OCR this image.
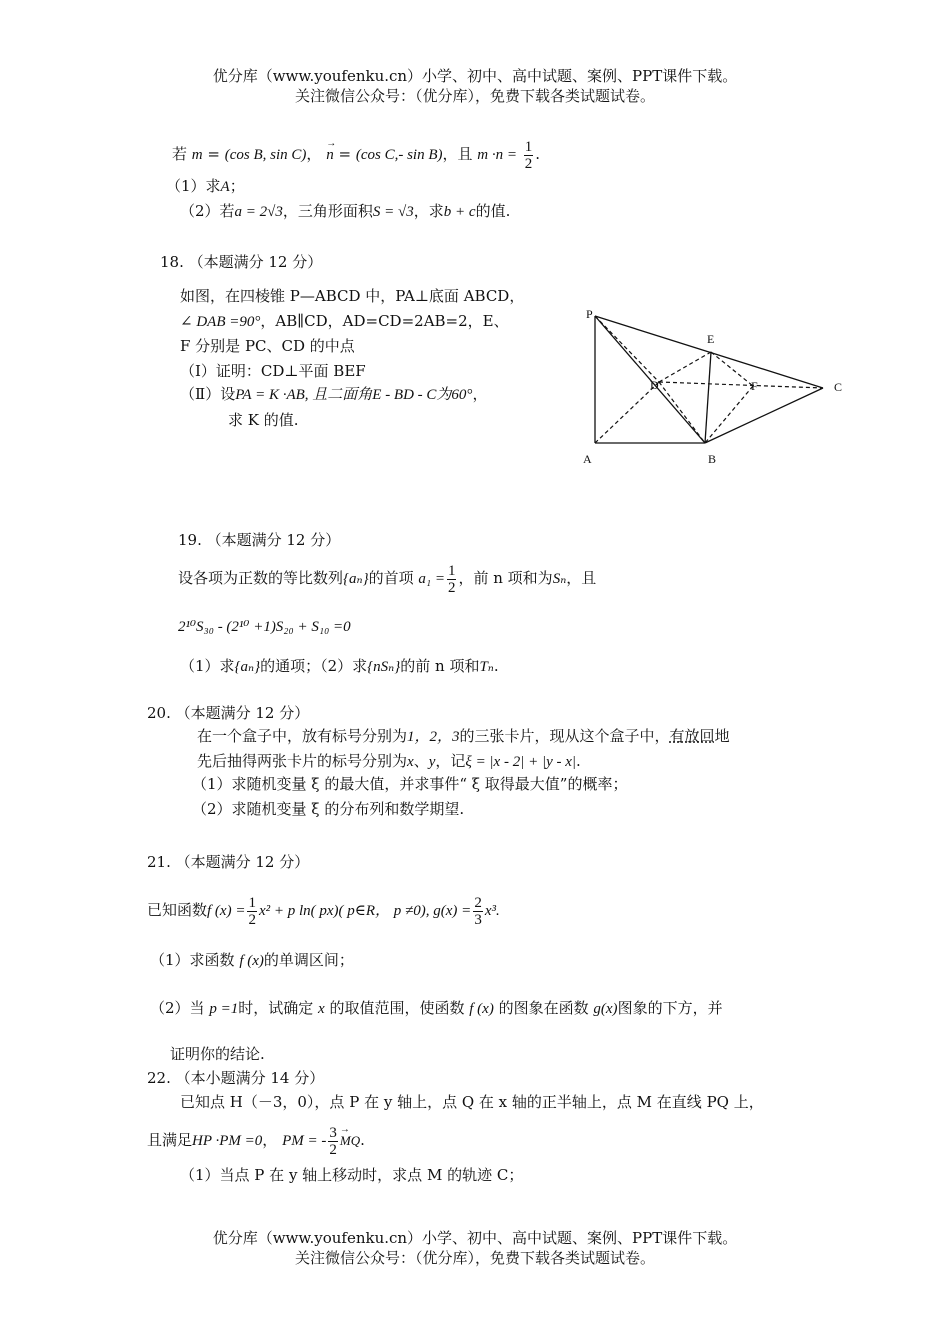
优分库（www.youfenku.cn）小学、初中、高中试题、案例、PPT课件下载。
关注微信公众号：（优分库），免费下载各类试题试卷。
若 m = (cos B, sin C)， → n = (cos C,- sin B)，且 $m \cdot n = \frac{1}{2}$ .
（1）求A；
（2）若a = 2√3，三角形面积S = √3，求b + c的值.
18. （本题满分 12 分）
如图，在四棱锥 P—ABCD 中，PA⊥底面 ABCD，
∠ DAB =90°，AB∥CD，AD=CD=2AB=2，E、
F 分别是 PC、CD 的中点
（Ⅰ）证明：CD⊥平面 BEF
（Ⅱ）设PA = K ·AB, 且二面角E - BD - C为60°，
求 K 的值.
P
A	B
C
D
E
F
19. （本题满分 12 分）
设各项为正数的等比数列{aₙ}的首项 $a_1 = \frac{1}{2}$ ，前 n 项和为Sₙ，且
2¹⁰S₃₀ - (2¹⁰ +1)S₂₀ + S₁₀ =0
（1）求{aₙ}的通项；（2）求{nSₙ}的前 n 项和Tₙ.
20. （本题满分 12 分）
在一个盒子中，放有标号分别为1，2，3的三张卡片，现从这个盒子中，有放回地
先后抽得两张卡片的标号分别为x、y，记ξ = |x - 2| + |y - x|.
（1）求随机变量 ξ 的最大值，并求事件“ ξ 取得最大值”的概率；
（2）求随机变量 ξ 的分布列和数学期望.
21. （本题满分 12 分）
已知函数f $(x) = \frac{1}{2} x^2 + p$ ln( px)( p∈R， p ≠0), $g(x) = \frac{2}{3} x^3$.
（1）求函数 f (x)的单调区间；
（2）当 p =1时，试确定 x 的取值范围，使函数 f (x) 的图象在函数 g(x)图象的下方，并
证明你的结论.
22. （本小题满分 14 分）
已知点 H（－3，0），点 P 在 y 轴上，点 Q 在 x 轴的正半轴上，点 M 在直线 PQ 上，
且满足HP ·PM =0， PM = - $\frac{3}{2}$ → MQ.
（1）当点 P 在 y 轴上移动时，求点 M 的轨迹 C；
优分库（www.youfenku.cn）小学、初中、高中试题、案例、PPT课件下载。
关注微信公众号：（优分库），免费下载各类试题试卷。
